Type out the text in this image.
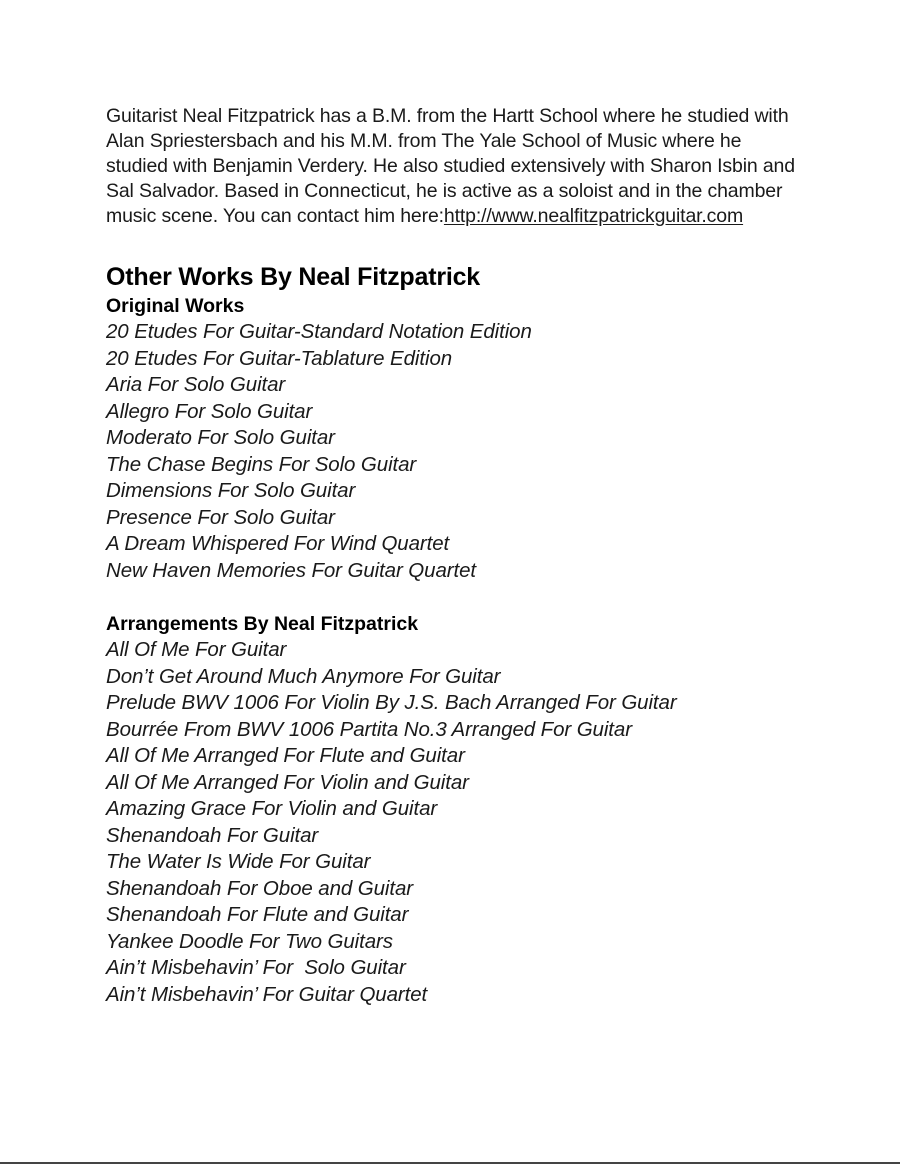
Guitarist Neal Fitzpatrick has a B.M. from the Hartt School where he studied with Alan Spriestersbach and his M.M. from The Yale School of Music where he studied with Benjamin Verdery. He also studied extensively with Sharon Isbin and Sal Salvador. Based in Connecticut, he is active as a soloist and in the chamber music scene. You can contact him here:http://www.nealfitzpatrickguitar.com

Other Works By Neal Fitzpatrick
Original Works
20 Etudes For Guitar-Standard Notation Edition
20 Etudes For Guitar-Tablature Edition
Aria For Solo Guitar
Allegro For Solo Guitar
Moderato For Solo Guitar
The Chase Begins For Solo Guitar
Dimensions For Solo Guitar
Presence For Solo Guitar
A Dream Whispered For Wind Quartet
New Haven Memories For Guitar Quartet
Arrangements By Neal Fitzpatrick
All Of Me For Guitar
Don’t Get Around Much Anymore For Guitar
Prelude BWV 1006 For Violin By J.S. Bach Arranged For Guitar
Bourrée From BWV 1006 Partita No.3 Arranged For Guitar
All Of Me Arranged For Flute and Guitar
All Of Me Arranged For Violin and Guitar
Amazing Grace For Violin and Guitar
Shenandoah For Guitar
The Water Is Wide For Guitar
Shenandoah For Oboe and Guitar
Shenandoah For Flute and Guitar
Yankee Doodle For Two Guitars
Ain’t Misbehavin’ For  Solo Guitar
Ain’t Misbehavin’ For Guitar Quartet
